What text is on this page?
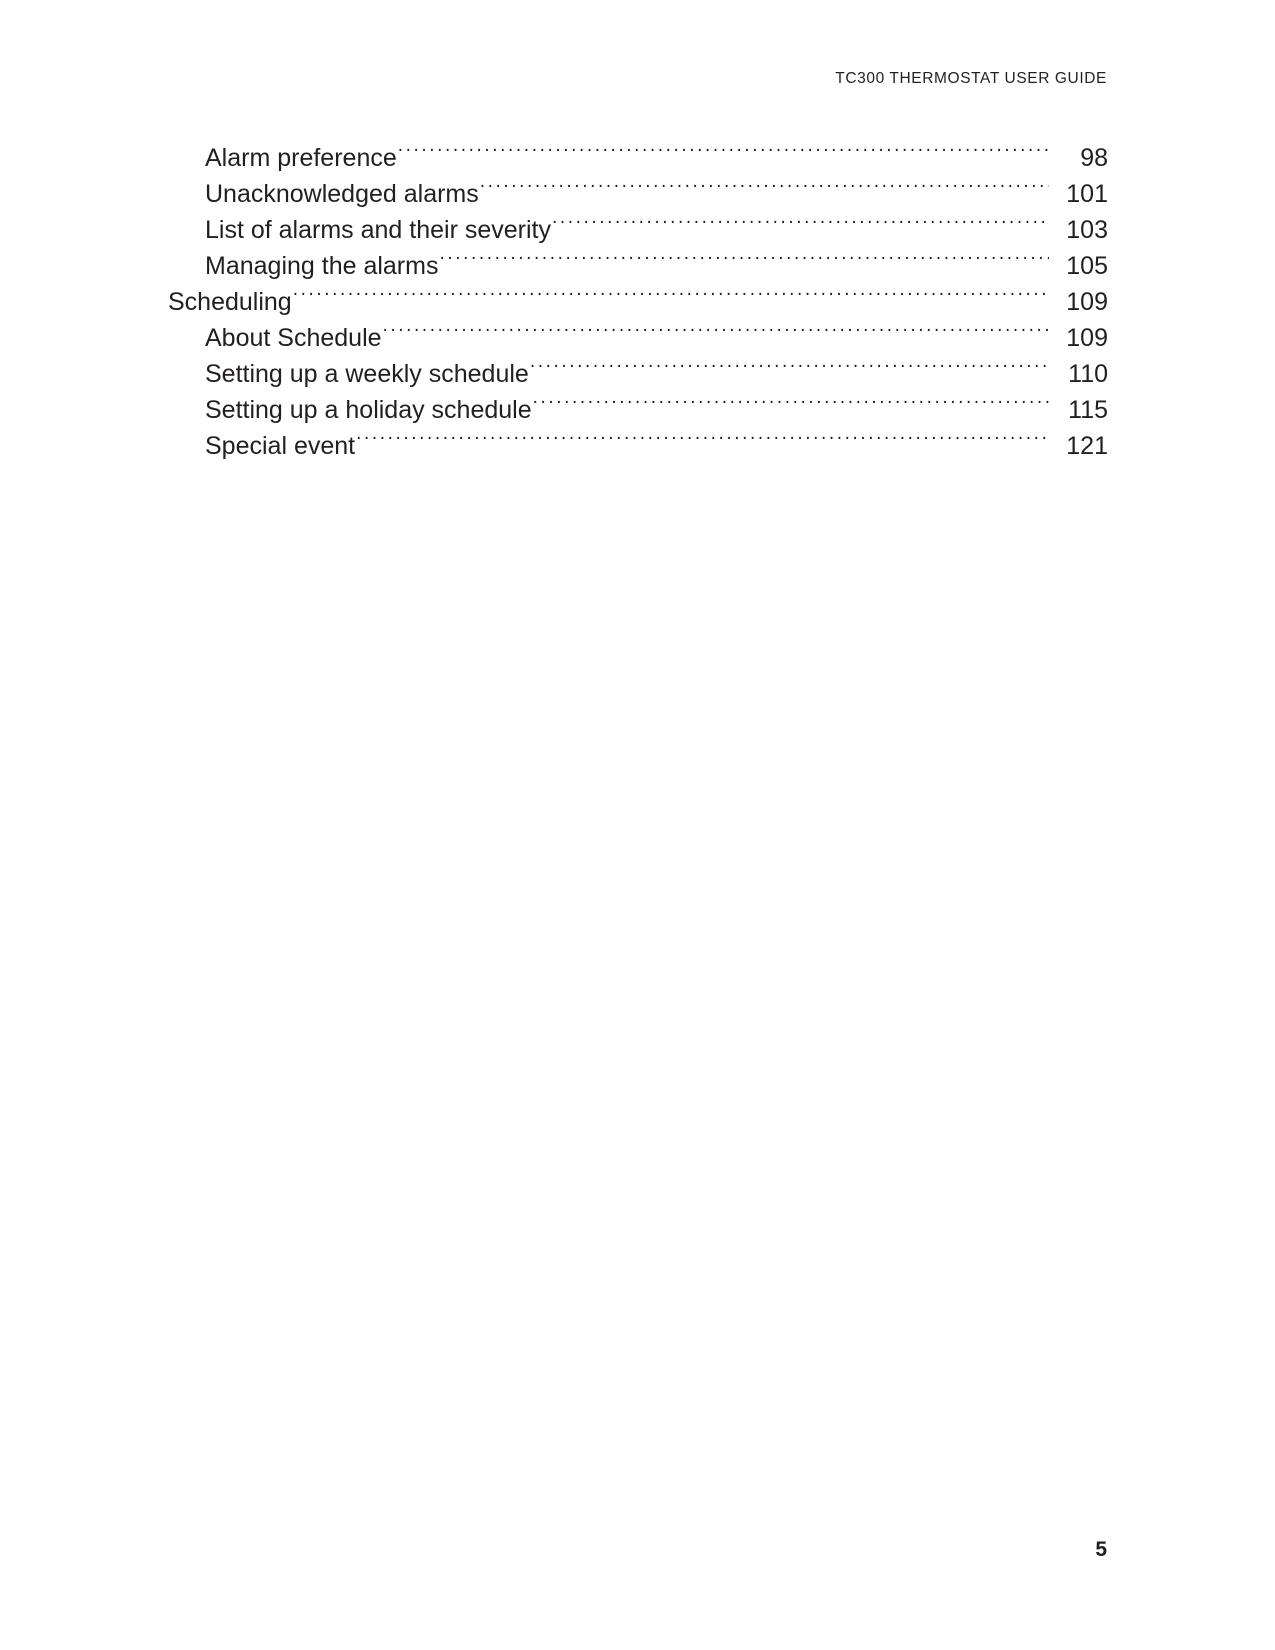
TC300 THERMOSTAT USER GUIDE
Alarm preference .....	98
Unacknowledged alarms .....	101
List of alarms and their severity .....	103
Managing the alarms .....	105
Scheduling .....	109
About Schedule .....	109
Setting up a weekly schedule .....	110
Setting up a holiday schedule .....	115
Special event .....	121
5
